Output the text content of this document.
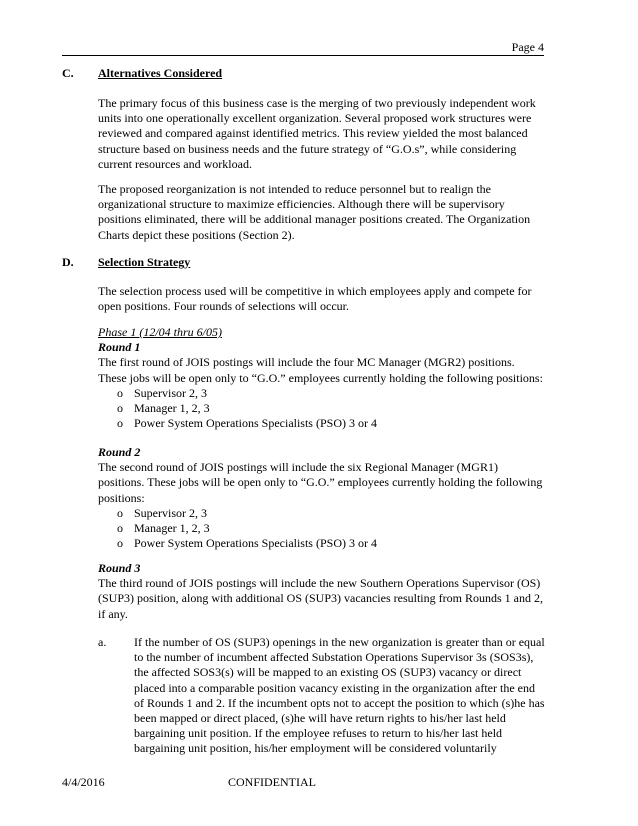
Page 4
C. Alternatives Considered

The primary focus of this business case is the merging of two previously independent work units into one operationally excellent organization. Several proposed work structures were reviewed and compared against identified metrics. This review yielded the most balanced structure based on business needs and the future strategy of “G.O.s”, while considering current resources and workload.

The proposed reorganization is not intended to reduce personnel but to realign the organizational structure to maximize efficiencies. Although there will be supervisory positions eliminated, there will be additional manager positions created. The Organization Charts depict these positions (Section 2).

D. Selection Strategy

The selection process used will be competitive in which employees apply and compete for open positions. Four rounds of selections will occur.

Phase 1 (12/04 thru 6/05)

Round 1

The first round of JOIS postings will include the four MC Manager (MGR2) positions. These jobs will be open only to “G.O.” employees currently holding the following positions:

o Supervisor 2, 3
o Manager 1, 2, 3
o Power System Operations Specialists (PSO) 3 or 4

Round 2

The second round of JOIS postings will include the six Regional Manager (MGR1) positions. These jobs will be open only to “G.O.” employees currently holding the following positions:

o Supervisor 2, 3
o Manager 1, 2, 3
o Power System Operations Specialists (PSO) 3 or 4

Round 3

The third round of JOIS postings will include the new Southern Operations Supervisor (OS) (SUP3) position, along with additional OS (SUP3) vacancies resulting from Rounds 1 and 2, if any.

a. If the number of OS (SUP3) openings in the new organization is greater than or equal to the number of incumbent affected Substation Operations Supervisor 3s (SOS3s), the affected SOS3(s) will be mapped to an existing OS (SUP3) vacancy or direct placed into a comparable position vacancy existing in the organization after the end of Rounds 1 and 2. If the incumbent opts not to accept the position to which (s)he has been mapped or direct placed, (s)he will have return rights to his/her last held bargaining unit position. If the employee refuses to return to his/her last held bargaining unit position, his/her employment will be considered voluntarily
4/4/2016	CONFIDENTIAL
